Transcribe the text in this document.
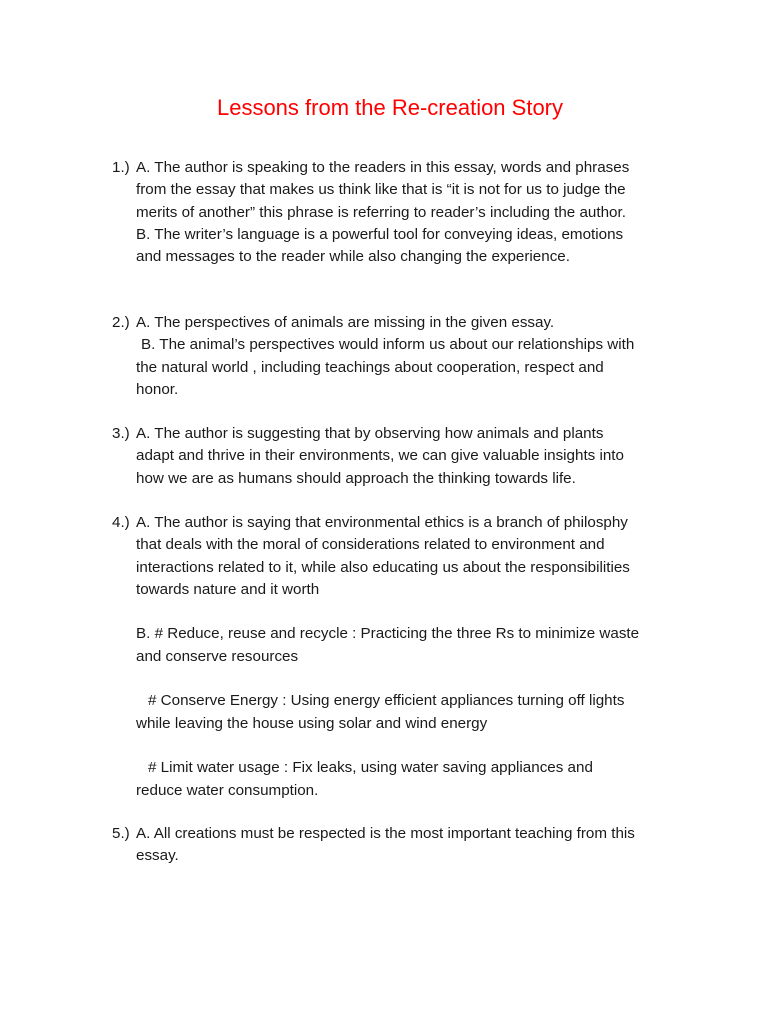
Lessons from the Re-creation Story
1.) A. The author is speaking to the readers in this essay, words and phrases
from the essay that makes us think like that is “it is not for us to judge the
merits of another” this phrase is referring to reader’s including the author.
B. The writer’s language is a powerful tool for conveying ideas, emotions
and messages to the reader while also changing the experience.
2.) A. The perspectives of animals are missing in the given essay.
B. The animal’s perspectives would inform us about our relationships with
the natural world , including teachings about cooperation, respect and
honor.
3.) A. The author is suggesting that by observing how animals and plants
adapt and thrive in their environments, we can give valuable insights into
how we are as humans should approach the thinking towards life.
4.) A. The author is saying that environmental ethics is a branch of philosphy
that deals with the moral of considerations related to environment and
interactions related to it, while also educating us about the responsibilities
towards nature and it worth
B. # Reduce, reuse and recycle : Practicing the three Rs to minimize waste
and conserve resources
# Conserve Energy : Using energy efficient appliances turning off lights
while leaving the house using solar and wind energy
# Limit water usage : Fix leaks, using water saving appliances and
reduce water consumption.
5.) A. All creations must be respected is the most important teaching from this
essay.
